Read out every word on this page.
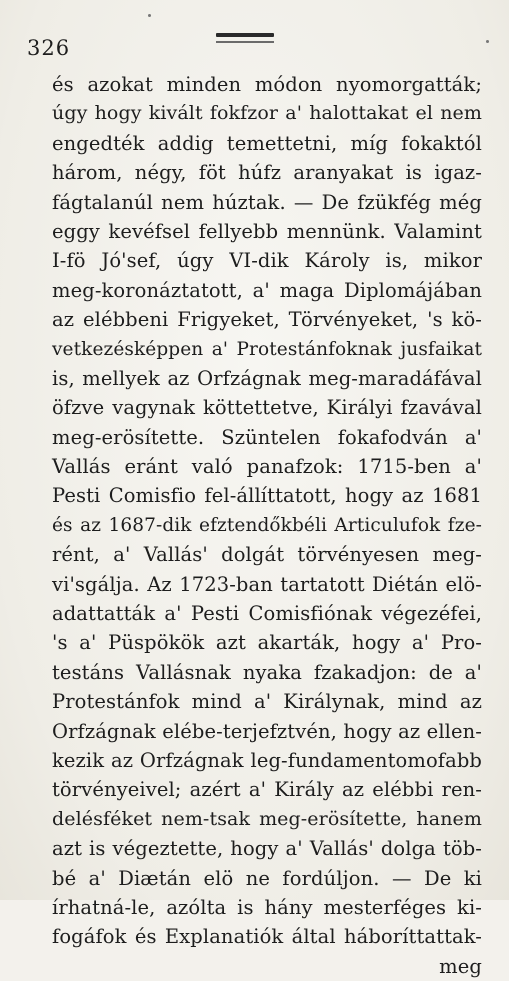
326
és azokat minden módon nyomorgatták;
úgy hogy kivált fokfzor a' halottakat el nem
engedték addig temettetni, míg fokaktól
három, négy, föt húfz aranyakat is igaz-
fágtalanúl nem húztak. — De fzükfég még
eggy kevéfsel fellyebb mennünk. Valamint
I-fö Jó'sef, úgy VI-dik Károly is, mikor
meg-koronáztatott, a' maga Diplomájában
az elébbeni Frigyeket, Törvényeket, 's kö-
vetkezésképpen a' Protestánfoknak jusfaikat
is, mellyek az Orfzágnak meg-maradáfával
öfzve vagynak köttettetve, Királyi fzavával
meg-erösítette. Szüntelen fokafodván a'
Vallás eránt való panafzok: 1715-ben a'
Pesti Comisfio fel-állíttatott, hogy az 1681
és az 1687-dik efztendőkbéli Articulufok fze-
rént, a' Vallás' dolgát törvényesen meg-
vi'sgálja. Az 1723-ban tartatott Diétán elö-
adattatták a' Pesti Comisfiónak végezéfei,
's a' Püspökök azt akarták, hogy a' Pro-
testáns Vallásnak nyaka fzakadjon: de a'
Protestánfok mind a' Királynak, mind az
Orfzágnak elébe-terjefztvén, hogy az ellen-
kezik az Orfzágnak leg-fundamentomofabb
törvényeivel; azért a' Király az elébbi ren-
delésféket nem-tsak meg-erösítette, hanem
azt is végeztette, hogy a' Vallás' dolga töb-
bé a' Diætán elö ne fordúljon. — De ki
írhatná-le, azólta is hány mesterféges ki-
fogáfok és Explanatiók által háboríttattak-
meg
